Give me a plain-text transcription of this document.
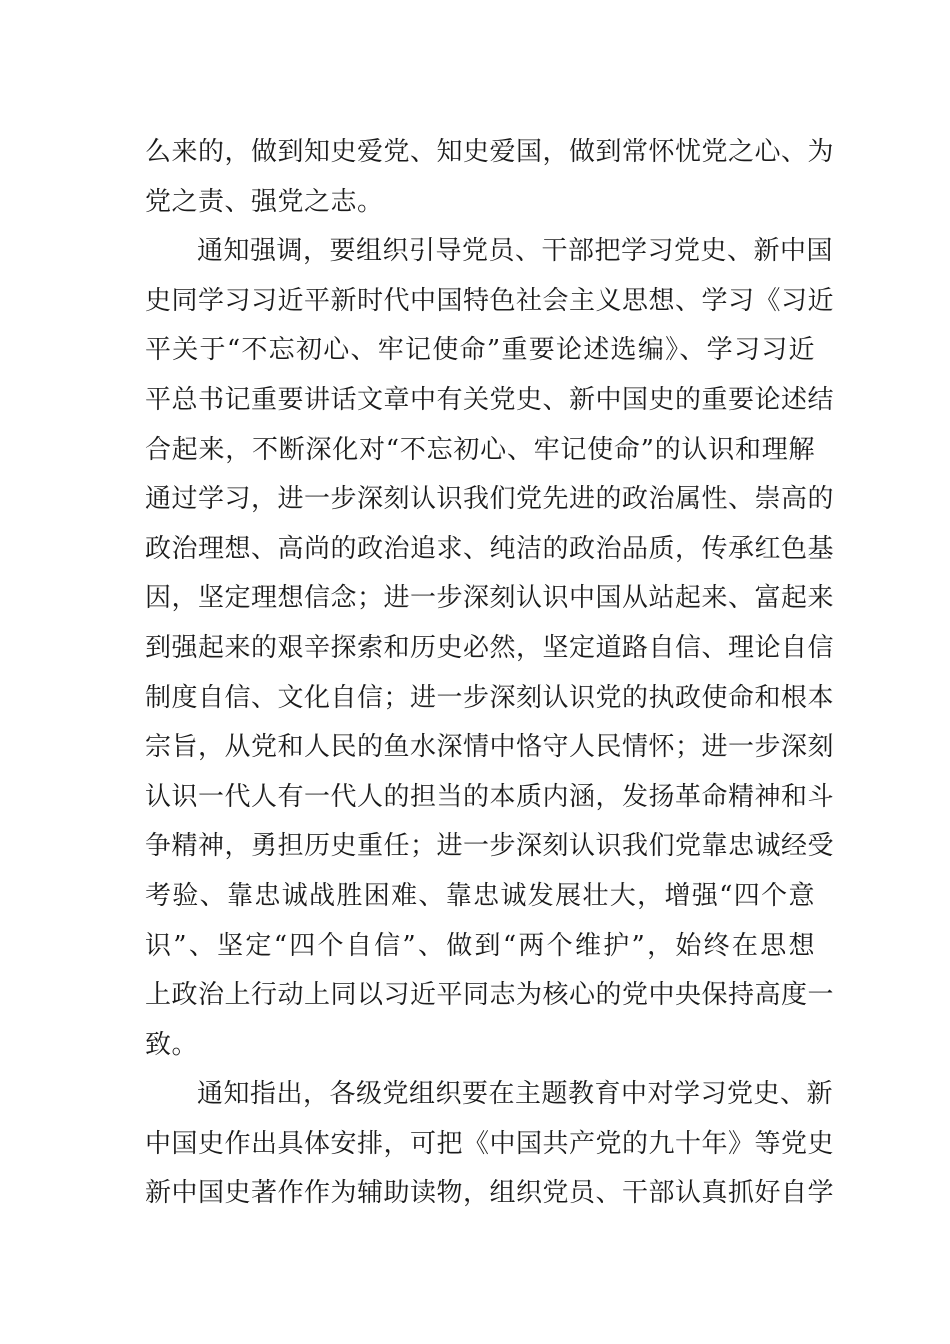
么来的，做到知史爱党、知史爱国，做到常怀忧党之心、为
党之责、强党之志。
通知强调，要组织引导党员、干部把学习党史、新中国
史同学习习近平新时代中国特色社会主义思想、学习《习近
平关于“不忘初心、牢记使命”重要论述选编》、学习习近
平总书记重要讲话文章中有关党史、新中国史的重要论述结
合起来，不断深化对“不忘初心、牢记使命”的认识和理解
通过学习，进一步深刻认识我们党先进的政治属性、崇高的
政治理想、高尚的政治追求、纯洁的政治品质，传承红色基
因，坚定理想信念；进一步深刻认识中国从站起来、富起来
到强起来的艰辛探索和历史必然，坚定道路自信、理论自信
制度自信、文化自信；进一步深刻认识党的执政使命和根本
宗旨，从党和人民的鱼水深情中恪守人民情怀；进一步深刻
认识一代人有一代人的担当的本质内涵，发扬革命精神和斗
争精神，勇担历史重任；进一步深刻认识我们党靠忠诚经受
考验、靠忠诚战胜困难、靠忠诚发展壮大，增强“四个意
识”、坚定“四个自信”、做到“两个维护”，始终在思想
上政治上行动上同以习近平同志为核心的党中央保持高度一
致。
通知指出，各级党组织要在主题教育中对学习党史、新
中国史作出具体安排，可把《中国共产党的九十年》等党史
新中国史著作作为辅助读物，组织党员、干部认真抓好自学
